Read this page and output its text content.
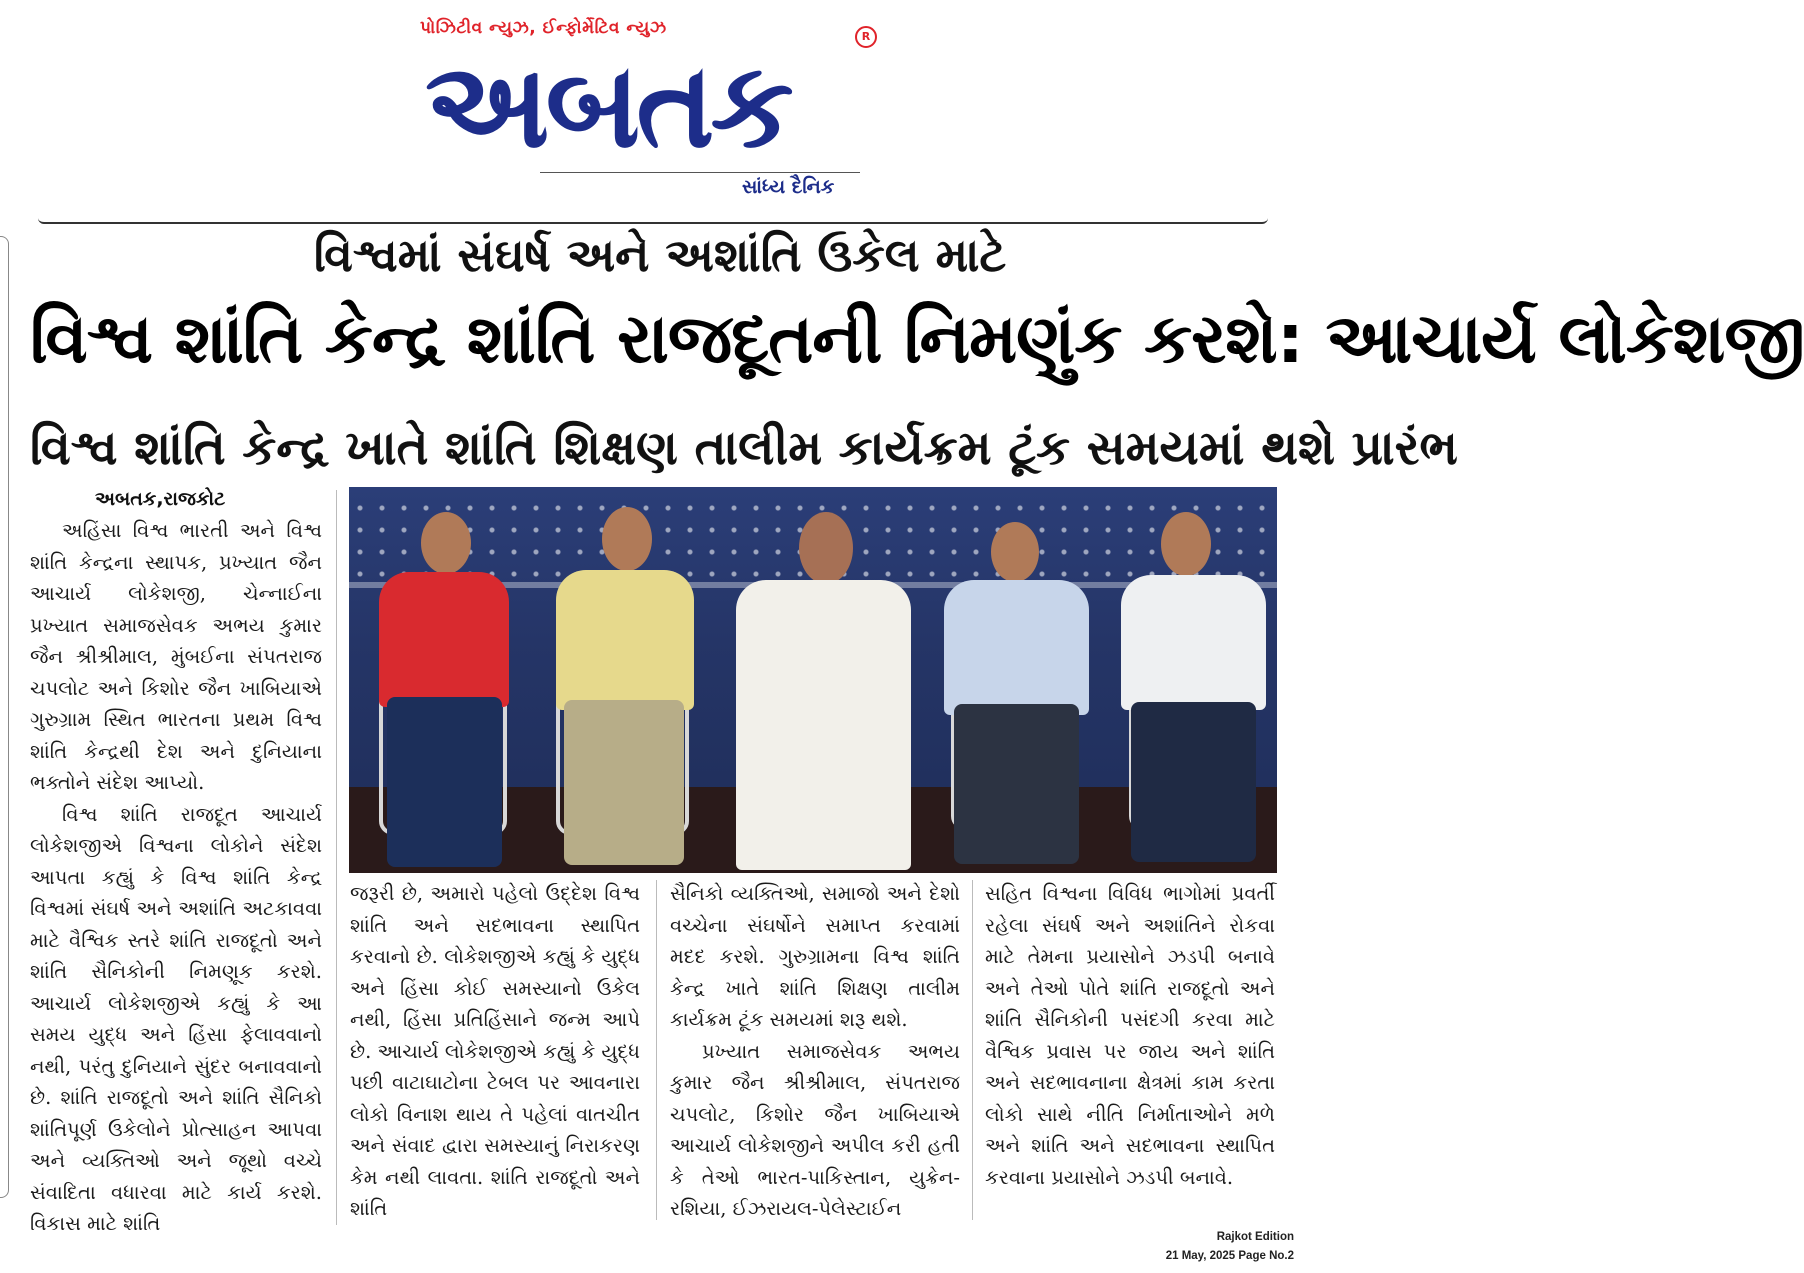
પોઝિટીવ ન્યુઝ, ઈન્ફોર્મેટિવ ન્યુઝ
અબતક	R
સાંધ્ય દૈનિક
વિશ્વમાં સંઘર્ષ અને અશાંતિ ઉકેલ માટે
વિશ્વ શાંતિ કેન્દ્ર શાંતિ રાજદૂતની નિમણુંક કરશે: આચાર્ય લોકેશજી
વિશ્વ શાંતિ કેન્દ્ર ખાતે શાંતિ શિક્ષણ તાલીમ કાર્યક્રમ ટૂંક સમયમાં થશે પ્રારંભ
અબતક,રાજકોટ

અહિંસા વિશ્વ ભારતી અને વિશ્વ શાંતિ કેન્દ્રના સ્થાપક, પ્રખ્યાત જૈન આચાર્ય લોકેશજી, ચેન્નાઈના પ્રખ્યાત સમાજસેવક અભય કુમાર જૈન શ્રીશ્રીમાલ, મુંબઈના સંપતરાજ ચપલોટ અને કિશોર જૈન ખાબિયાએ ગુરુગ્રામ સ્થિત ભારતના પ્રથમ વિશ્વ શાંતિ કેન્દ્રથી દેશ અને દુનિયાના ભક્તોને સંદેશ આપ્યો.

વિશ્વ શાંતિ રાજદૂત આચાર્ય લોકેશજીએ વિશ્વના લોકોને સંદેશ આપતા કહ્યું કે વિશ્વ શાંતિ કેન્દ્ર વિશ્વમાં સંઘર્ષ અને અશાંતિ અટકાવવા માટે વૈશ્વિક સ્તરે શાંતિ રાજદૂતો અને શાંતિ સૈનિકોની નિમણૂક કરશે. આચાર્ય લોકેશજીએ કહ્યું કે આ સમય યુદ્ધ અને હિંસા ફેલાવવાનો નથી, પરંતુ દુનિયાને સુંદર બનાવવાનો છે. શાંતિ રાજદૂતો અને શાંતિ સૈનિકો શાંતિપૂર્ણ ઉકેલોને પ્રોત્સાહન આપવા અને વ્યક્તિઓ અને જૂથો વચ્ચે સંવાદિતા વધારવા માટે કાર્ય કરશે. વિકાસ માટે શાંતિ

જરૂરી છે, અમારો પહેલો ઉદ્દેશ વિશ્વ શાંતિ અને સદભાવના સ્થાપિત કરવાનો છે. લોકેશજીએ કહ્યું કે યુદ્ધ અને હિંસા કોઈ સમસ્યાનો ઉકેલ નથી, હિંસા પ્રતિહિંસાને જન્મ આપે છે. આચાર્ય લોકેશજીએ કહ્યું કે યુદ્ધ પછી વાટાઘાટોના ટેબલ પર આવનારા લોકો વિનાશ થાય તે પહેલાં વાતચીત અને સંવાદ દ્વારા સમસ્યાનું નિરાકરણ કેમ નથી લાવતા. શાંતિ રાજદૂતો અને શાંતિ

સૈનિકો વ્યક્તિઓ, સમાજો અને દેશો વચ્ચેના સંઘર્ષોને સમાપ્ત કરવામાં મદદ કરશે. ગુરુગ્રામના વિશ્વ શાંતિ કેન્દ્ર ખાતે શાંતિ શિક્ષણ તાલીમ કાર્યક્રમ ટૂંક સમયમાં શરૂ થશે.

પ્રખ્યાત સમાજસેવક અભય કુમાર જૈન શ્રીશ્રીમાલ, સંપતરાજ ચપલોટ, કિશોર જૈન ખાબિયાએ આચાર્ય લોકેશજીને અપીલ કરી હતી કે તેઓ ભારત-પાકિસ્તાન, યુક્રેન-રશિયા, ઈઝરાયલ-પેલેસ્ટાઈન

સહિત વિશ્વના વિવિધ ભાગોમાં પ્રવર્તી રહેલા સંઘર્ષ અને અશાંતિને રોકવા માટે તેમના પ્રયાસોને ઝડપી બનાવે અને તેઓ પોતે શાંતિ રાજદૂતો અને શાંતિ સૈનિકોની પસંદગી કરવા માટે વૈશ્વિક પ્રવાસ પર જાય અને શાંતિ અને સદભાવનાના ક્ષેત્રમાં કામ કરતા લોકો સાથે નીતિ નિર્માતાઓને મળે અને શાંતિ અને સદભાવના સ્થાપિત કરવાના પ્રયાસોને ઝડપી બનાવે.

Rajkot Edition
21 May, 2025 Page No.2
